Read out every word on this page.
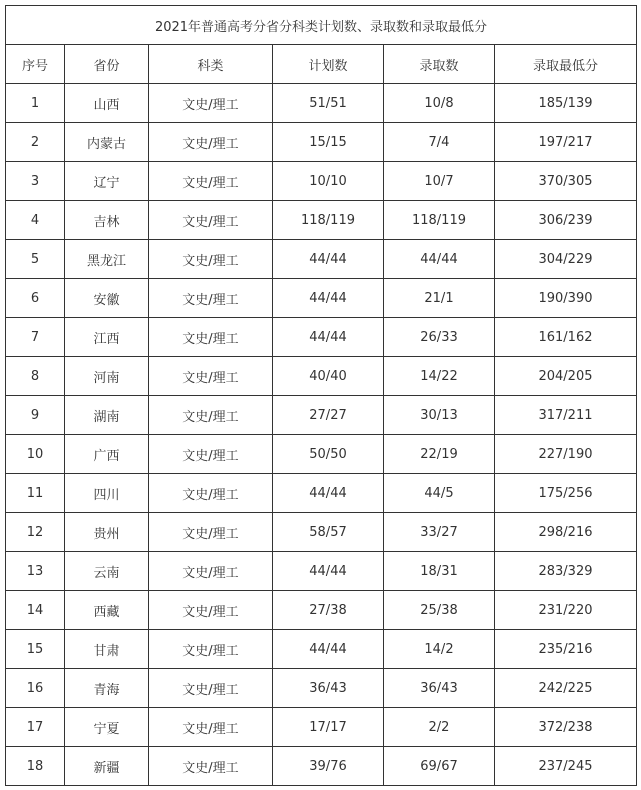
2021年普通高考分省分科类计划数、录取数和录取最低分					
序号	省份	科类	计划数	录取数	录取最低分
1	山西	文史/理工	51/51	10/8	185/139
2	内蒙古	文史/理工	15/15	7/4	197/217
3	辽宁	文史/理工	10/10	10/7	370/305
4	吉林	文史/理工	118/119	118/119	306/239
5	黑龙江	文史/理工	44/44	44/44	304/229
6	安徽	文史/理工	44/44	21/1	190/390
7	江西	文史/理工	44/44	26/33	161/162
8	河南	文史/理工	40/40	14/22	204/205
9	湖南	文史/理工	27/27	30/13	317/211
10	广西	文史/理工	50/50	22/19	227/190
11	四川	文史/理工	44/44	44/5	175/256
12	贵州	文史/理工	58/57	33/27	298/216
13	云南	文史/理工	44/44	18/31	283/329
14	西藏	文史/理工	27/38	25/38	231/220
15	甘肃	文史/理工	44/44	14/2	235/216
16	青海	文史/理工	36/43	36/43	242/225
17	宁夏	文史/理工	17/17	2/2	372/238
18	新疆	文史/理工	39/76	69/67	237/245
